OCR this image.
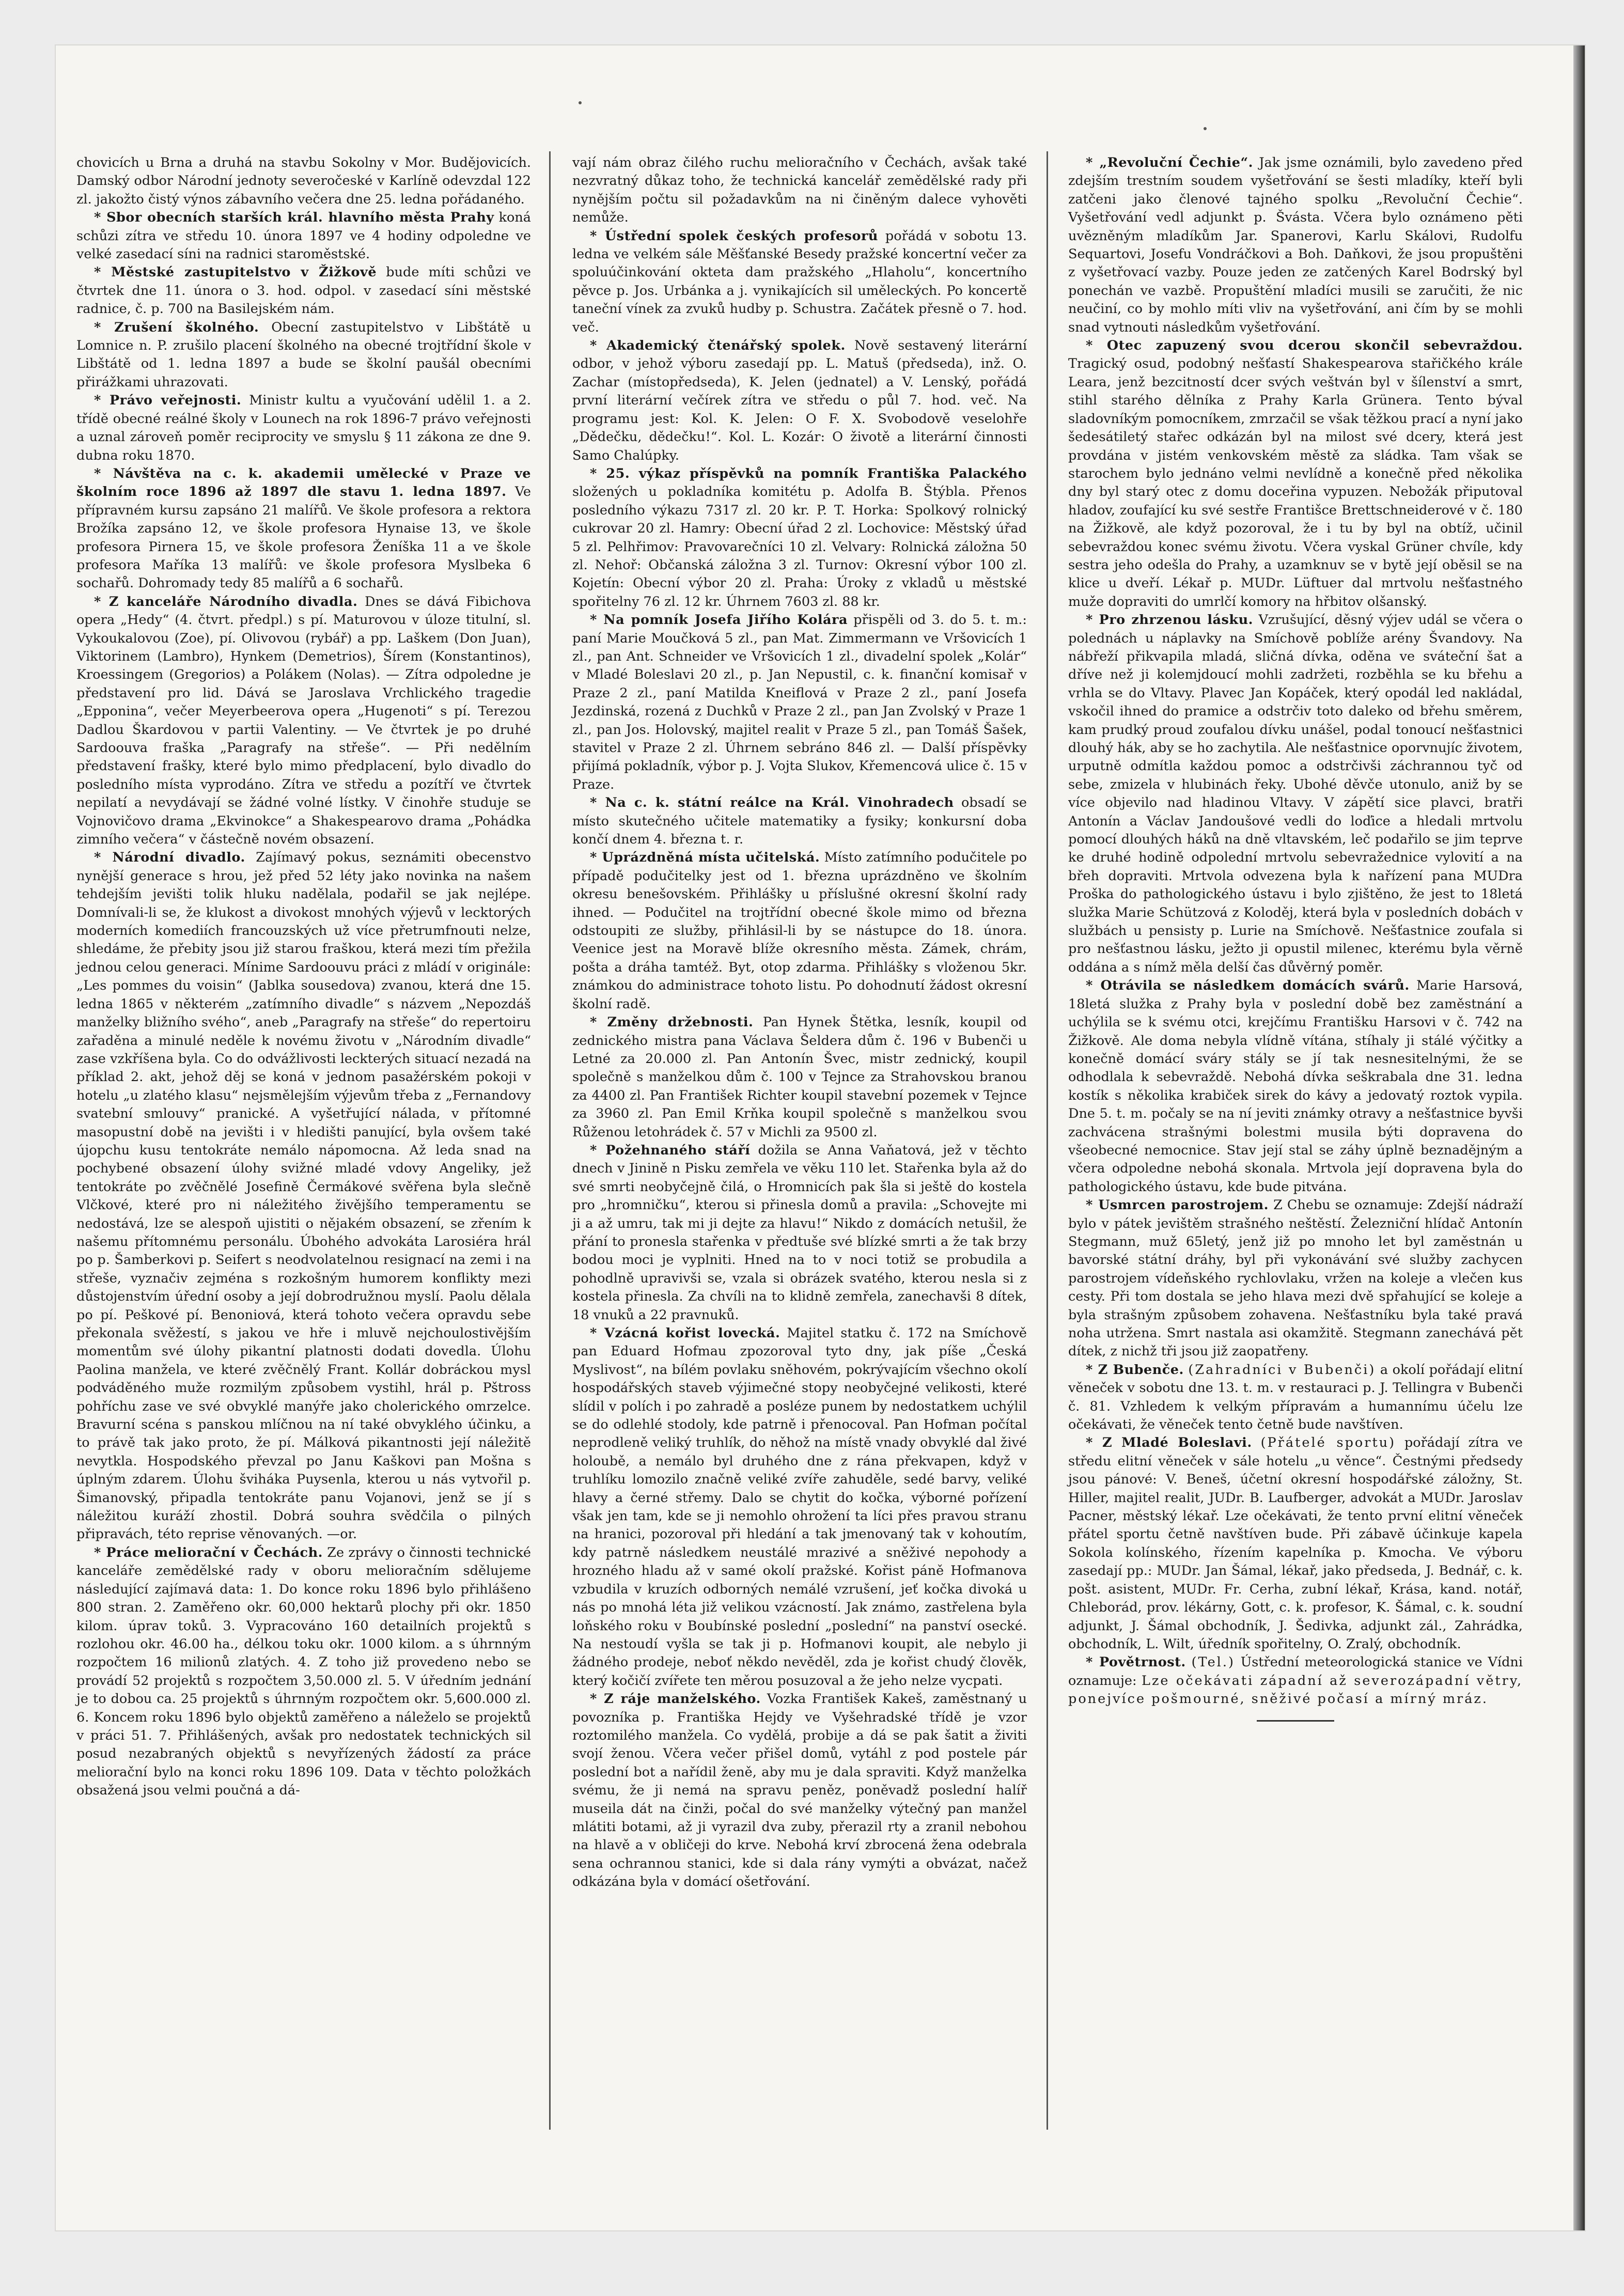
chovicích u Brna a druhá na stavbu Sokolny v Mor. Budějovicích. Damský odbor Národní jednoty severočeské v Karlíně odevzdal 122 zl. jakožto čistý výnos zábavního večera dne 25. ledna pořádaného.

* Sbor obecních starších král. hlavního města Prahy koná schůzi zítra ve středu 10. února 1897 ve 4 hodiny odpoledne ve velké zasedací síni na radnici staroměstské.

* Městské zastupitelstvo v Žižkově bude míti schůzi ve čtvrtek dne 11. února o 3. hod. odpol. v zasedací síni městské radnice, č. p. 700 na Basilejském nám.

* Zrušení školného. Obecní zastupitelstvo v Libštátě u Lomnice n. P. zrušilo placení školného na obecné trojtřídní škole v Libštátě od 1. ledna 1897 a bude se školní paušál obecními přirážkami uhrazovati.

* Právo veřejnosti. Ministr kultu a vyučování udělil 1. a 2. třídě obecné reálné školy v Lounech na rok 1896-7 právo veřejnosti a uznal zároveň poměr reciprocity ve smyslu § 11 zákona ze dne 9. dubna roku 1870.

* Návštěva na c. k. akademii umělecké v Praze ve školním roce 1896 až 1897 dle stavu 1. ledna 1897. Ve přípravném kursu zapsáno 21 malířů. Ve škole profesora a rektora Brožíka zapsáno 12, ve škole profesora Hynaise 13, ve škole profesora Pirnera 15, ve škole profesora Ženíška 11 a ve škole profesora Maříka 13 malířů: ve škole profesora Myslbeka 6 sochařů. Dohromady tedy 85 malířů a 6 sochařů.

* Z kanceláře Národního divadla. Dnes se dává Fibichova opera „Hedy“ (4. čtvrt. předpl.) s pí. Maturovou v úloze titulní, sl. Vykoukalovou (Zoe), pí. Olivovou (rybář) a pp. Laškem (Don Juan), Viktorinem (Lambro), Hynkem (Demetrios), Šírem (Konstantinos), Kroessingem (Gregorios) a Polákem (Nolas). — Zítra odpoledne je představení pro lid. Dává se Jaroslava Vrchlického tragedie „Epponina“, večer Meyerbeerova opera „Hugenoti“ s pí. Terezou Dadlou Škardovou v partii Valentiny. — Ve čtvrtek je po druhé Sardoouva fraška „Paragrafy na střeše“. — Při nedělním představení frašky, které bylo mimo předplacení, bylo divadlo do posledního místa vyprodáno. Zítra ve středu a pozítří ve čtvrtek nepilatí a nevydávají se žádné volné lístky. V činohře studuje se Vojnovičovo drama „Ekvinokce“ a Shakespearovo drama „Pohádka zimního večera“ v částečně novém obsazení.

* Národní divadlo. Zajímavý pokus, seznámiti obecenstvo nynější generace s hrou, jež před 52 léty jako novinka na našem tehdejším jevišti tolik hluku nadělala, podařil se jak nejlépe. Domnívali-li se, že klukost a divokost mnohých výjevů v lecktorých moderních komediích francouzských už více přetrumfnouti nelze, shledáme, že přebity jsou již starou fraškou, která mezi tím přežila jednou celou generaci. Mínime Sardoouvu práci z mládí v originále: „Les pommes du voisin“ (Jablka sousedova) zvanou, která dne 15. ledna 1865 v některém „zatímního divadle“ s názvem „Nepozdáš manželky bližního svého“, aneb „Paragrafy na střeše“ do repertoiru zařaděna a minulé neděle k novému životu v „Národním divadle“ zase vzkříšena byla. Co do odvážlivosti leckterých situací nezadá na příklad 2. akt, jehož děj se koná v jednom pasažérském pokoji v hotelu „u zlatého klasu“ nejsmělejším výjevům třeba z „Fernandovy svatební smlouvy“ pranické. A vyšetřující nálada, v přítomné masopustní době na jevišti i v hledišti panující, byla ovšem také újopchu kusu tentokráte nemálo nápomocna. Až leda snad na pochybené obsazení úlohy svižné mladé vdovy Angeliky, jež tentokráte po zvěčnělé Josefině Čermákové svěřena byla slečně Vlčkové, které pro ni náležitého živějšího temperamentu se nedostává, lze se alespoň ujistiti o nějakém obsazení, se zřením k našemu přítomnému personálu. Úbohého advokáta Larosiéra hrál po p. Šamberkovi p. Seifert s neodvolatelnou resignací na zemi i na střeše, vyznačiv zejména s rozkošným humorem konflikty mezi důstojenstvím úřední osoby a její dobrodružnou myslí. Paolu dělala po pí. Peškové pí. Benoniová, která tohoto večera opravdu sebe překonala svěžestí, s jakou ve hře i mluvě nejchoulostivějším momentům své úlohy pikantní platnosti dodati dovedla. Úlohu Paolina manžela, ve které zvěčnělý Frant. Kollár dobráckou mysl podváděného muže rozmilým způsobem vystihl, hrál p. Pštross pohříchu zase ve své obvyklé manýře jako cholerického omrzelce. Bravurní scéna s panskou mlíčnou na ní také obvyklého účinku, a to právě tak jako proto, že pí. Málková pikantnosti její náležitě nevytkla. Hospodského převzal po Janu Kaškovi pan Mošna s úplným zdarem. Úlohu švihákа Puysenla, kterou u nás vytvořil p. Šimanovský, připadla tentokráte panu Vojanovi, jenž se jí s náležitou kuráží zhostil. Dobrá souhra svědčila o pilných připravách, této reprise věnovaných. —or.

* Práce meliorační v Čechách. Ze zprávy o činnosti technické kanceláře zemědělské rady v oboru melioračním sdělujeme následující zajímavá data: 1. Do konce roku 1896 bylo přihlášeno 800 stran. 2. Zaměřeno okr. 60,000 hektarů plochy při okr. 1850 kilom. úprav toků. 3. Vypracováno 160 detailních projektů s rozlohou okr. 46.00 ha., délkou toku okr. 1000 kilom. a s úhrnným rozpočtem 16 milionů zlatých. 4. Z toho již provedeno nebo se provádí 52 projektů s rozpočtem 3,50.000 zl. 5. V úředním jednání je to dobou ca. 25 projektů s úhrnným rozpočtem okr. 5,600.000 zl. 6. Koncem roku 1896 bylo objektů zaměřeno a náleželo se projektů v práci 51. 7. Přihlášených, avšak pro nedostatek technických sil posud nezabraných objektů s nevyřízených žádostí za práce meliorační bylo na konci roku 1896 109. Data v těchto položkách obsažená jsou velmi poučná a dá-

vají nám obraz čilého ruchu melioračního v Čechách, avšak také nezvratný důkaz toho, že technická kancelář zemědělské rady při nynějším počtu sil požadavkům na ni činěným dalece vyhověti nemůže.

* Ústřední spolek českých profesorů pořádá v sobotu 13. ledna ve velkém sále Měšťanské Besedy pražské koncertní večer za spoluúčinkování okteta dam pražského „Hlaholu“, koncertního pěvce p. Jos. Urbánka a j. vynikajících sil uměleckých. Po koncertě taneční vínek za zvuků hudby p. Schustra. Začátek přesně o 7. hod. več.

* Akademický čtenářský spolek. Nově sestavený literární odbor, v jehož výboru zasedají pp. L. Matuš (předseda), inž. O. Zachar (místopředseda), K. Jelen (jednatel) a V. Lenský, pořádá první literární večírek zítra ve středu o půl 7. hod. več. Na programu jest: Kol. K. Jelen: O F. X. Svobodově veselohře „Dědečku, dědečku!“. Kol. L. Kozár: O životě a literární činnosti Samo Chalúpky.

* 25. výkaz příspěvků na pomník Františka Palackého složených u pokladníka komitétu p. Adolfa B. Štýbla. Přenos posledního výkazu 7317 zl. 20 kr. P. T. Horka: Spolkový rolnický cukrovar 20 zl. Hamry: Obecní úřad 2 zl. Lochovice: Městský úřad 5 zl. Pelhřimov: Pravovarečníci 10 zl. Velvary: Rolnická záložna 50 zl. Nehoř: Občanská záložna 3 zl. Turnov: Okresní výbor 100 zl. Kojetín: Obecní výbor 20 zl. Praha: Úroky z vkladů u městské spořitelny 76 zl. 12 kr. Úhrnem 7603 zl. 88 kr.

* Na pomník Josefa Jiřího Kolára přispěli od 3. do 5. t. m.: paní Marie Moučková 5 zl., pan Mat. Zimmermann ve Vršovicích 1 zl., pan Ant. Schneider ve Vršovicích 1 zl., divadelní spolek „Kolár“ v Mladé Boleslavi 20 zl., p. Jan Nepustil, c. k. finanční komisař v Praze 2 zl., paní Matilda Kneiflová v Praze 2 zl., paní Josefa Jezdinská, rozená z Duchků v Praze 2 zl., pan Jan Zvolský v Praze 1 zl., pan Jos. Holovský, majitel realit v Praze 5 zl., pan Tomáš Šašek, stavitel v Praze 2 zl. Úhrnem sebráno 846 zl. — Další příspěvky přijímá pokladník, výbor p. J. Vojta Slukov, Křemencová ulice č. 15 v Praze.

* Na c. k. státní reálce na Král. Vinohradech obsadí se místo skutečného učitele matematiky a fysiky; konkursní doba končí dnem 4. března t. r.

* Uprázdněná místa učitelská. Místo zatímního podučitele po případě podučitelky jest od 1. března uprázdněno ve školním okresu benešovském. Přihlášky u příslušné okresní školní rady ihned. — Podučitel na trojtřídní obecné škole mimo od března odstoupiti ze služby, přihlásil-li by se nástupce do 18. února. Veenice jest na Moravě blíže okresního města. Zámek, chrám, pošta a dráha tamtéž. Byt, otop zdarma. Přihlášky s vloženou 5kr. známkou do administrace tohoto listu. Po dohodnutí žádost okresní školní radě.

* Změny držebnosti. Pan Hynek Štětka, lesník, koupil od zednického mistra pana Václava Šeldera dům č. 196 v Bubenči u Letné za 20.000 zl. Pan Antonín Švec, mistr zednický, koupil společně s manželkou dům č. 100 v Tejnce za Strahovskou branou za 4400 zl. Pan František Richter koupil stavební pozemek v Tejnce za 3960 zl. Pan Emil Krňka koupil společně s manželkou svou Růženou letohrádek č. 57 v Michli za 9500 zl.

* Požehnaného stáří dožila se Anna Vaňatová, jež v těchto dnech v Jinině n Pisku zemřela ve věku 110 let. Stařenka byla až do své smrti neobyčejně čilá, o Hromnicích pak šla si ještě do kostela pro „hromničku“, kterou si přinesla domů a pravila: „Schovejte mi ji a až umru, tak mi ji dejte za hlavu!“ Nikdo z domácích netušil, že přání to pronesla stařenka v předtuše své blízké smrti a že tak brzy bodou moci je vyplniti. Hned na to v noci totiž se probudila a pohodlně upravivši se, vzala si obrázek svatého, kterou nesla si z kostela přinesla. Za chvíli na to klidně zemřela, zanechavši 8 dítek, 18 vnuků a 22 pravnuků.

* Vzácná kořist lovecká. Majitel statku č. 172 na Smíchově pan Eduard Hofmau zpozoroval tyto dny, jak píše „Česká Myslivost“, na bílém povlaku sněhovém, pokrývajícím všechno okolí hospodářských staveb výjimečné stopy neobyčejné velikosti, které slídil v polích i po zahradě a posléze punem by nedostatkem uchýlil se do odlehlé stodoly, kde patrně i přenocoval. Pan Hofman počítal neprodleně veliký truhlík, do něhož na místě vnady obvyklé dal živé holoubě, a nemálo byl druhého dne z rána překvapen, když v truhlíku lomozilo značně veliké zvíře zahuděle, sedé barvy, veliké hlavy a černé střemy. Dalo se chytit do kočka, výborné pořízení však jen tam, kde se ji nemohlo ohrožení ta líci přes pravou stranu na hranici, pozoroval při hledání a tak jmenovaný tak v kohoutím, kdy patrně následkem neustálé mrazivé a sněživé nepohody a hrozného hladu až v samé okolí pražské. Kořist páně Hofmanova vzbudila v kruzích odborných nemálé vzrušení, jeť kočka divoká u nás po mnohá léta již velikou vzácností. Jak známo, zastřelena byla loňského roku v Boubínské poslední „poslední“ na panství osecké. Na nestoudí vyšla se tak ji p. Hofmanovi koupit, ale nebylo ji žádného prodeje, neboť někdo nevěděl, zda je kořist chudý člověk, který kočičí zvířete ten měrou posuzoval a že jeho nelze vycpati.

* Z ráje manželského. Vozka František Kakeš, zaměstnaný u povozníka p. Františka Hejdy ve Vyšehradské třídě je vzor roztomilého manžela. Co vydělá, probije a dá se pak šatit a živiti svojí ženou. Včera večer přišel domů, vytáhl z pod postele pár poslední bot a nařídil ženě, aby mu je dala spraviti. Když manželka svému, že ji nemá na spravu peněz, poněvadž poslední halíř museila dát na činži, počal do své manželky výtečný pan manžel mlátiti botami, až ji vyrazil dva zuby, přerazil rty a zranil nebohou na hlavě a v obličeji do krve. Nebohá krví zbrocená žena odebrala sena ochrannou stanici, kde si dala rány vymýti a obvázat, načež odkázána byla v domácí ošetřování.

* „Revoluční Čechie“. Jak jsme oznámili, bylo zavedeno před zdejším trestním soudem vyšetřování se šesti mladíky, kteří byli zatčeni jako členové tajného spolku „Revoluční Čechie“. Vyšetřování vedl adjunkt p. Švásta. Včera bylo oznámeno pěti uvězněným mladíkům Jar. Spanerovi, Karlu Skálovi, Rudolfu Sequartovi, Josefu Vondráčkovi a Boh. Daňkovi, že jsou propuštěni z vyšetřovací vazby. Pouze jeden ze zatčených Karel Bodrský byl ponechán ve vazbě. Propuštění mladíci musili se zaručiti, že nic neučiní, co by mohlo míti vliv na vyšetřování, ani čím by se mohli snad vytnouti následkům vyšetřování.

* Otec zapuzený svou dcerou skončil sebevraždou. Tragický osud, podobný nešťastí Shakespearova stařičkého krále Leara, jenž bezcitností dcer svých veštván byl v šílenství a smrt, stihl starého dělníka z Prahy Karla Grünera. Tento býval sladovníkým pomocníkem, zmrzačil se však těžkou prací a nyní jako šedesátiletý stařec odkázán byl na milost své dcery, která jest provdána v jistém venkovském městě za sládka. Tam však se starochem bylo jednáno velmi nevlídně a konečně před několika dny byl starý otec z domu doceřina vypuzen. Nebožák připutoval hladov, zoufající ku své sestře Františce Brettschneiderové v č. 180 na Žižkově, ale když pozoroval, že i tu by byl na obtíž, učinil sebevraždou konec svému životu. Včera vyskal Grüner chvíle, kdy sestra jeho odešla do Prahy, a uzamknuv se v bytě její oběsil se na klice u dveří. Lékař p. MUDr. Lüftuer dal mrtvolu nešťastného muže dopraviti do umrlčí komory na hřbitov olšanský.

* Pro zhrzenou lásku. Vzrušující, děsný výjev udál se včera o polednách u náplavky na Smíchově poblíže arény Švandovy. Na nábřeží přikvapila mladá, sličná dívka, oděna ve sváteční šat a dříve než ji kolemjdoucí mohli zadržeti, rozběhla se ku břehu a vrhla se do Vltavy. Plavec Jan Kopáček, který opodál led nakládal, vskočil ihned do pramice a odstrčiv toto daleko od břehu směrem, kam prudký proud zoufalou dívku unášel, podal tonoucí nešťastnici dlouhý hák, aby se ho zachytila. Ale nešťastnice oporvnujíc životem, urputně odmítla každou pomoc a odstrčivši záchrannou tyč od sebe, zmizela v hlubinách řeky. Ubohé děvče utonulo, aniž by se více objevilo nad hladinou Vltavy. V zápětí sice plavci, bratři Antonín a Václav Jandoušové vedli do loďice a hledali mrtvolu pomocí dlouhých háků na dně vltavském, leč podařilo se jim teprve ke druhé hodině odpolední mrtvolu sebevražednice vylovití a na břeh dopraviti. Mrtvola odvezena byla k nařízení pana MUDra Proška do pathologického ústavu i bylo zjištěno, že jest to 18letá služka Marie Schützová z Koloděj, která byla v posledních dobách v službách u pensisty p. Lurie na Smíchově. Nešťastnice zoufala si pro nešťastnou lásku, ježto ji opustil milenec, kterému byla věrně oddána a s nímž měla delší čas důvěrný poměr.

* Otrávila se následkem domácích svárů. Marie Harsová, 18letá služka z Prahy byla v poslední době bez zaměstnání a uchýlila se k svému otci, krejčímu Františku Harsovi v č. 742 na Žižkově. Ale doma nebyla vlídně vítána, stíhaly ji stálé výčitky a konečně domácí sváry stály se jí tak nesnesitelnými, že se odhodlala k sebevraždě. Nebohá dívka seškrabala dne 31. ledna kostík s několika krabiček sirek do kávy a jedovatý roztok vypila. Dne 5. t. m. počaly se na ní jeviti známky otravy a nešťastnice byvši zachvácena strašnými bolestmi musila býti dopravena do všeobecné nemocnice. Stav její stal se záhy úplně beznadějným a včera odpoledne nebohá skonala. Mrtvola její dopravena byla do pathologického ústavu, kde bude pitvána.

* Usmrcen parostrojem. Z Chebu se oznamuje: Zdejší nádraží bylo v pátek jevištěm strašného neštěstí. Železniční hlídač Antonín Stegmann, muž 65letý, jenž již po mnoho let byl zaměstnán u bavorské státní dráhy, byl při vykonávání své služby zachycen parostrojem vídeňského rychlovlaku, vržen na koleje a vlečen kus cesty. Při tom dostala se jeho hlava mezi dvě spřahující se koleje a byla strašným způsobem zohavena. Nešťastníku byla také pravá noha utržena. Smrt nastala asi okamžitě. Stegmann zanechává pět dítek, z nichž tři jsou již zaopatřeny.

* Z Bubenče. (Zahradníci v Bubenči) a okolí pořádají elitní věneček v sobotu dne 13. t. m. v restauraci p. J. Tellingra v Bubenči č. 81. Vzhledem k velkým přípravám a humannímu účelu lze očekávati, že věneček tento četně bude navštíven.

* Z Mladé Boleslavi. (Přátelé sportu) pořádají zítra ve středu elitní věneček v sále hotelu „u věnce“. Čestnými předsedy jsou pánové: V. Beneš, účetní okresní hospodářské záložny, St. Hiller, majitel realit, JUDr. B. Laufberger, advokát a MUDr. Jaroslav Pacner, městský lékař. Lze očekávati, že tento první elitní věneček přátel sportu četně navštíven bude. Při zábavě účinkuje kapela Sokola kolínského, řízením kapelníka p. Kmocha. Ve výboru zasedají pp.: MUDr. Jan Šámal, lékař, jako předseda, J. Bednář, c. k. pošt. asistent, MUDr. Fr. Cerha, zubní lékař, Krása, kand. notář, Chleborád, prov. lékárny, Gott, c. k. profesor, K. Šámal, c. k. soudní adjunkt, J. Šámal obchodník, J. Šedivka, adjunkt zál., Zahrádka, obchodník, L. Wilt, úředník spořitelny, O. Zralý, obchodník.

* Povětrnost. (Tel.) Ústřední meteorologická stanice ve Vídni oznamuje: Lze očekávati západní až severozápadní větry, ponejvíce pošmourné, sněživé počasí a mírný mráz.
